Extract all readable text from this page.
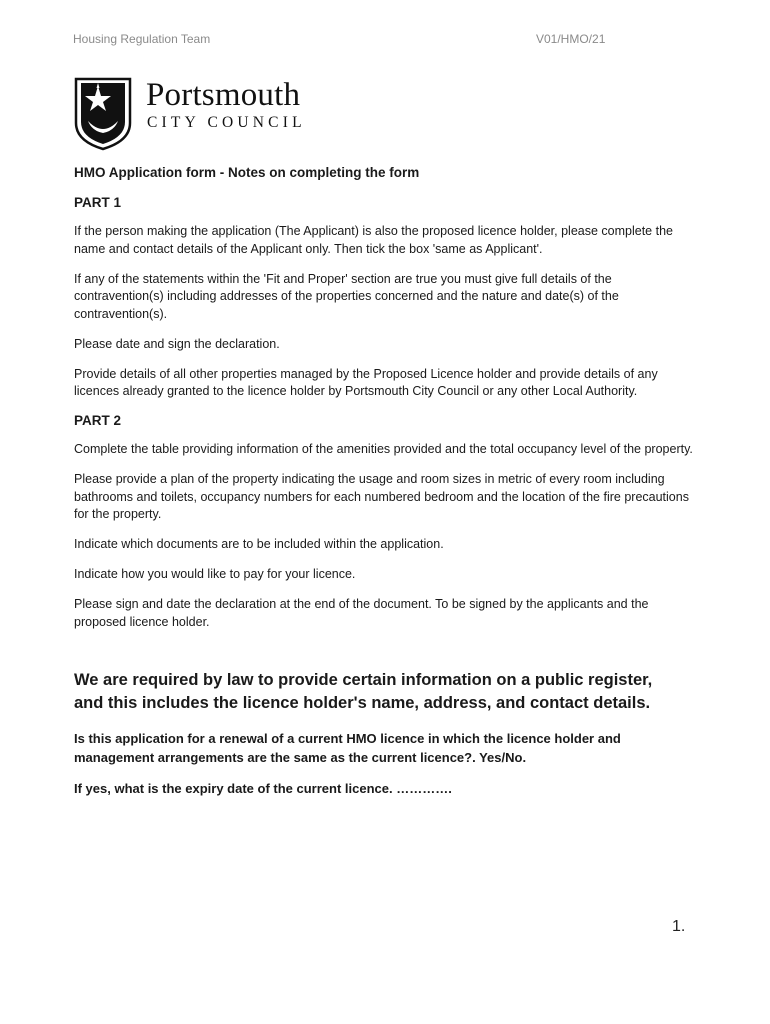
Housing Regulation Team	V01/HMO/21
Portsmouth
CITY COUNCIL
HMO Application form - Notes on completing the form
PART 1

If the person making the application (The Applicant) is also the proposed licence holder, please complete the name and contact details of the Applicant only. Then tick the box 'same as Applicant'.

If any of the statements within the 'Fit and Proper' section are true you must give full details of the contravention(s) including addresses of the properties concerned and the nature and date(s) of the contravention(s).

Please date and sign the declaration.

Provide details of all other properties managed by the Proposed Licence holder and provide details of any licences already granted to the licence holder by Portsmouth City Council or any other Local Authority.

PART 2

Complete the table providing information of the amenities provided and the total occupancy level of the property.

Please provide a plan of the property indicating the usage and room sizes in metric of every room including bathrooms and toilets, occupancy numbers for each numbered bedroom and the location of the fire precautions for the property.

Indicate which documents are to be included within the application.

Indicate how you would like to pay for your licence.

Please sign and date the declaration at the end of the document. To be signed by the applicants and the proposed licence holder.

We are required by law to provide certain information on a public register, and this includes the licence holder's name, address, and contact details.
Is this application for a renewal of a current HMO licence in which the licence holder and management arrangements are the same as the current licence?. Yes/No.
If yes, what is the expiry date of the current licence. ………….
1.
